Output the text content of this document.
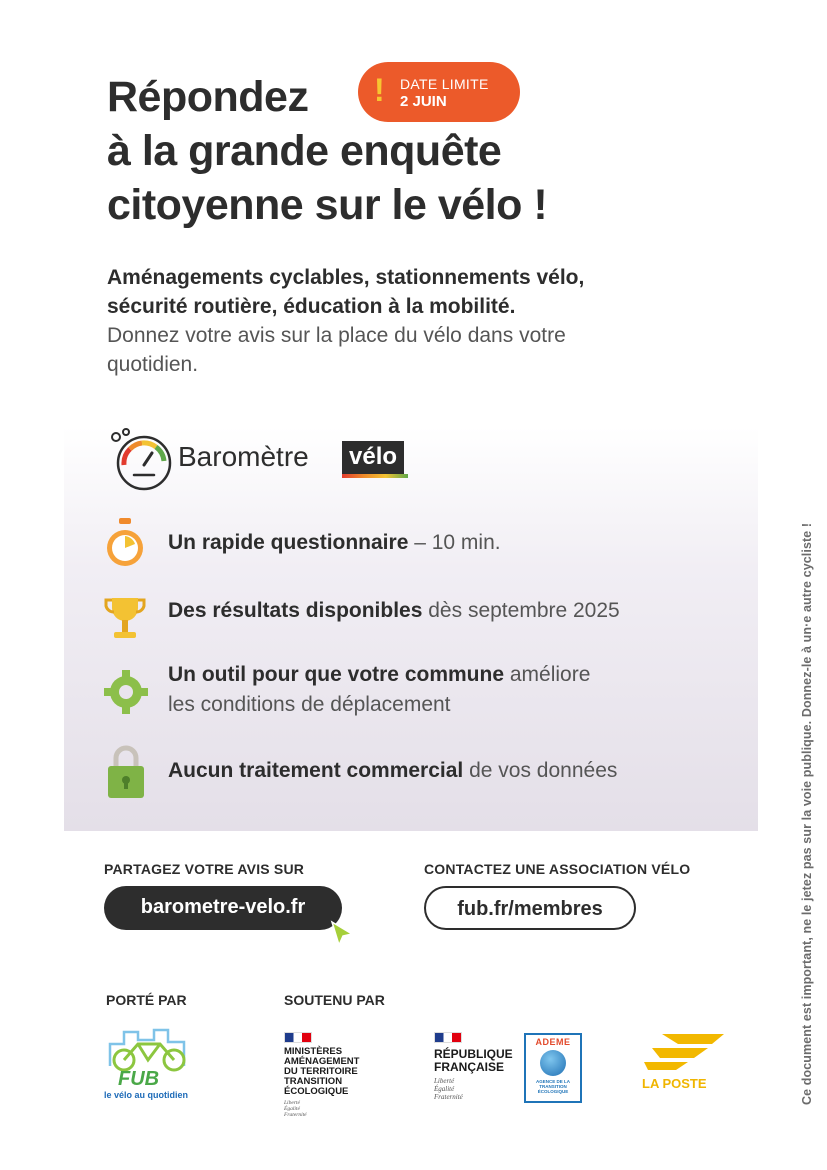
Répondez
à la grande enquête
citoyenne sur le vélo !
! DATE LIMITE
2 JUIN
Aménagements cyclables, stationnements vélo,
sécurité routière, éducation à la mobilité.
Donnez votre avis sur la place du vélo dans votre
quotidien.
Baromètre vélo
Un rapide questionnaire – 10 min.
Des résultats disponibles dès septembre 2025
Un outil pour que votre commune améliore
les conditions de déplacement
Aucun traitement commercial de vos données
PARTAGEZ VOTRE AVIS SUR	CONTACTEZ UNE ASSOCIATION VÉLO
barometre-velo.fr	fub.fr/membres
PORTÉ PAR	SOUTENU PAR
FUB
le vélo au quotidien
MINISTÈRES
AMÉNAGEMENT
DU TERRITOIRE
TRANSITION
ÉCOLOGIQUE
Liberté
Égalité
Fraternité
RÉPUBLIQUE
FRANÇAISE
Liberté
Égalité
Fraternité
ADEME
AGENCE DE LA
TRANSITION
ÉCOLOGIQUE
LA POSTE	Ce document est important, ne le jetez pas sur la voie publique. Donnez-le à un·e autre cycliste !
